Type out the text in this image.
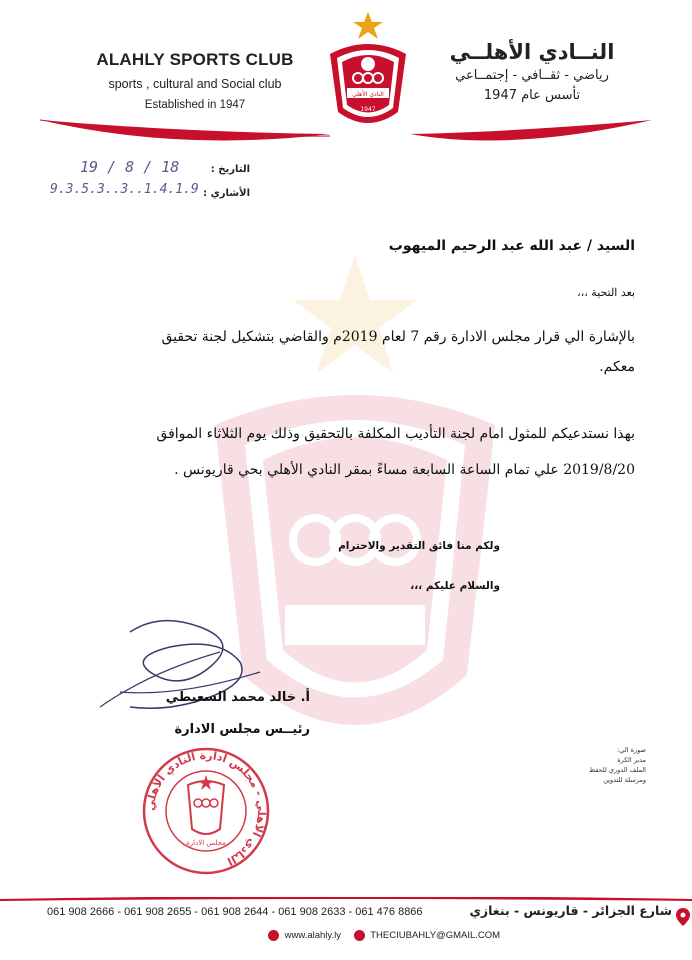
ALAHLY SPORTS CLUB
sports , cultural and Social club
Established in 1947
النــادي الأهلــي
رياضي - ثقــافي - إجتمــاعي
تأسس عام 1947
النادي الأهلي
1947
التاريخ :
19 / 8 / 18
الأشاري :
9.3.5.3..3..1.4.1.9
السيد / عبد الله عبد الرحيم الميهوب
بعد التحية ،،،
بالإشارة الي قرار مجلس الادارة رقم 7 لعام 2019م والقاضي بتشكيل لجنة تحقيق
معكم.
بهذا نستدعيكم للمثول امام لجنة التأديب المكلفة بالتحقيق وذلك يوم الثلاثاء الموافق
2019/8/20 علي تمام الساعة السابعة مساءً بمقر النادي الأهلي بحي قاريونس .
ولكم منا فائق التقدير والاحترام
والسلام عليكم ،،،
أ. خالد محمد السعيطي
رئيــس مجلس الادارة
صورة الي:
مدير الكرة
الملف الدوري للحفظ
ومرسلة للتدوين
النادي الأهلي - مجلس ادارة النادي الأهلي
مجلس الادارة
061 908 2666 - 061 908 2655 - 061 908 2644 - 061 908 2633 - 061 476 8866	شارع الجزائر - قاريونس - بنغازي
www.alahly.ly	THECIUBAHLY@GMAIL.COM
